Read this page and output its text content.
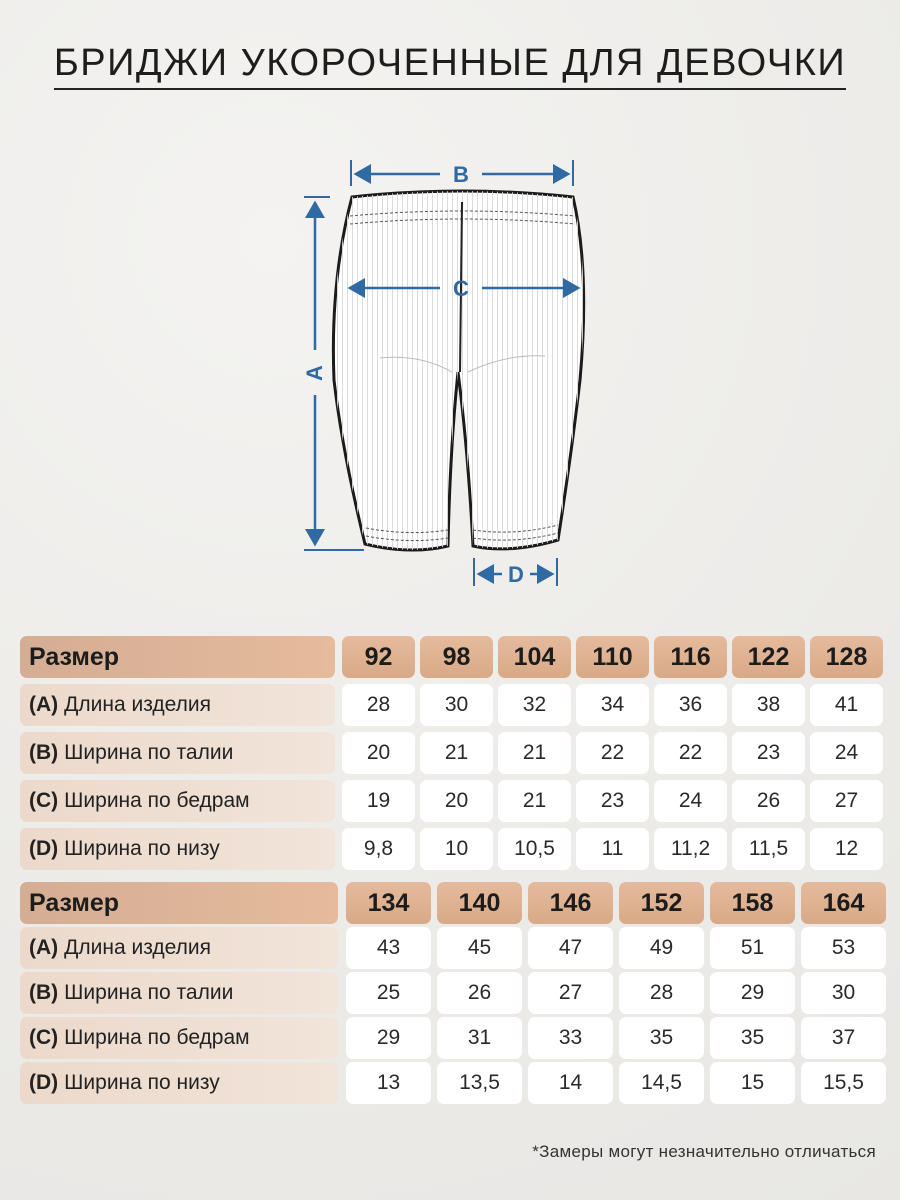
БРИДЖИ УКОРОЧЕННЫЕ ДЛЯ ДЕВОЧКИ
B
C
A
D
Размер	92	98	104	110	116	122	128
(A) Длина изделия	28	30	32	34	36	38	41
(B) Ширина по талии	20	21	21	22	22	23	24
(C) Ширина по бедрам	19	20	21	23	24	26	27
(D) Ширина по низу	9,8	10	10,5	11	11,2	11,5	12
Размер	134	140	146	152	158	164
(A) Длина изделия	43	45	47	49	51	53
(B) Ширина по талии	25	26	27	28	29	30
(C) Ширина по бедрам	29	31	33	35	35	37
(D) Ширина по низу	13	13,5	14	14,5	15	15,5
*Замеры могут незначительно отличаться
